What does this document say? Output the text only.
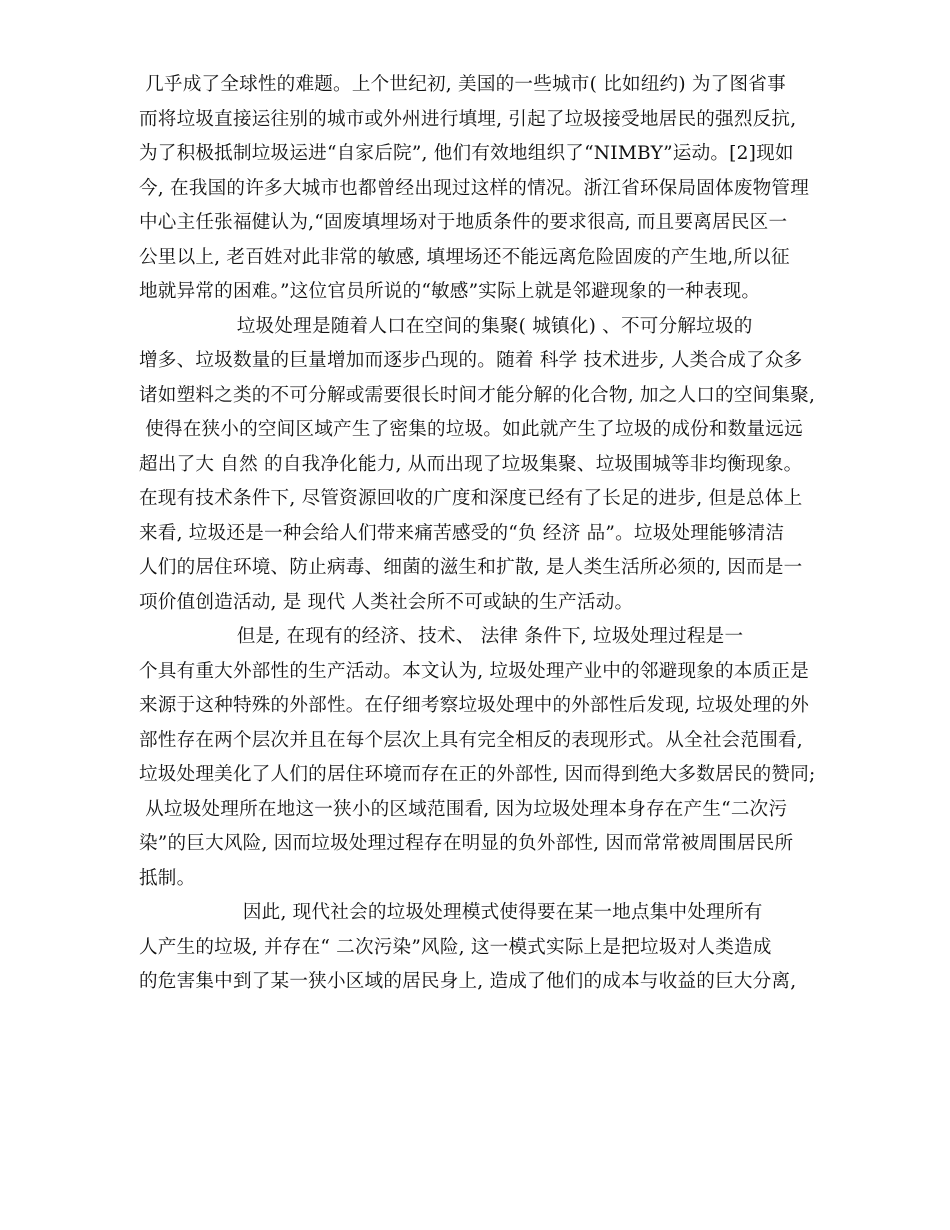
几乎成了全球性的难题。上个世纪初, 美国的一些城市( 比如纽约) 为了图省事
而将垃圾直接运往别的城市或外州进行填埋, 引起了垃圾接受地居民的强烈反抗,
为了积极抵制垃圾运进“自家后院”, 他们有效地组织了“NIMBY”运动。[2]现如
今, 在我国的许多大城市也都曾经出现过这样的情况。浙江省环保局固体废物管理
中心主任张福健认为,“固废填埋场对于地质条件的要求很高, 而且要离居民区一
公里以上, 老百姓对此非常的敏感, 填埋场还不能远离危险固废的产生地,所以征
地就异常的困难。”这位官员所说的“敏感”实际上就是邻避现象的一种表现。
垃圾处理是随着人口在空间的集聚( 城镇化) 、不可分解垃圾的
增多、垃圾数量的巨量增加而逐步凸现的。随着 科学 技术进步, 人类合成了众多
诸如塑料之类的不可分解或需要很长时间才能分解的化合物, 加之人口的空间集聚,
使得在狭小的空间区域产生了密集的垃圾。如此就产生了垃圾的成份和数量远远
超出了大 自然 的自我净化能力, 从而出现了垃圾集聚、垃圾围城等非均衡现象。
在现有技术条件下, 尽管资源回收的广度和深度已经有了长足的进步, 但是总体上
来看, 垃圾还是一种会给人们带来痛苦感受的“负 经济 品”。垃圾处理能够清洁
人们的居住环境、防止病毒、细菌的滋生和扩散, 是人类生活所必须的, 因而是一
项价值创造活动, 是 现代 人类社会所不可或缺的生产活动。
但是, 在现有的经济、技术、 法律 条件下, 垃圾处理过程是一
个具有重大外部性的生产活动。本文认为, 垃圾处理产业中的邻避现象的本质正是
来源于这种特殊的外部性。在仔细考察垃圾处理中的外部性后发现, 垃圾处理的外
部性存在两个层次并且在每个层次上具有完全相反的表现形式。从全社会范围看,
垃圾处理美化了人们的居住环境而存在正的外部性, 因而得到绝大多数居民的赞同;
从垃圾处理所在地这一狭小的区域范围看, 因为垃圾处理本身存在产生“二次污
染”的巨大风险, 因而垃圾处理过程存在明显的负外部性, 因而常常被周围居民所
抵制。
因此, 现代社会的垃圾处理模式使得要在某一地点集中处理所有
人产生的垃圾, 并存在“ 二次污染”风险, 这一模式实际上是把垃圾对人类造成
的危害集中到了某一狭小区域的居民身上, 造成了他们的成本与收益的巨大分离,
